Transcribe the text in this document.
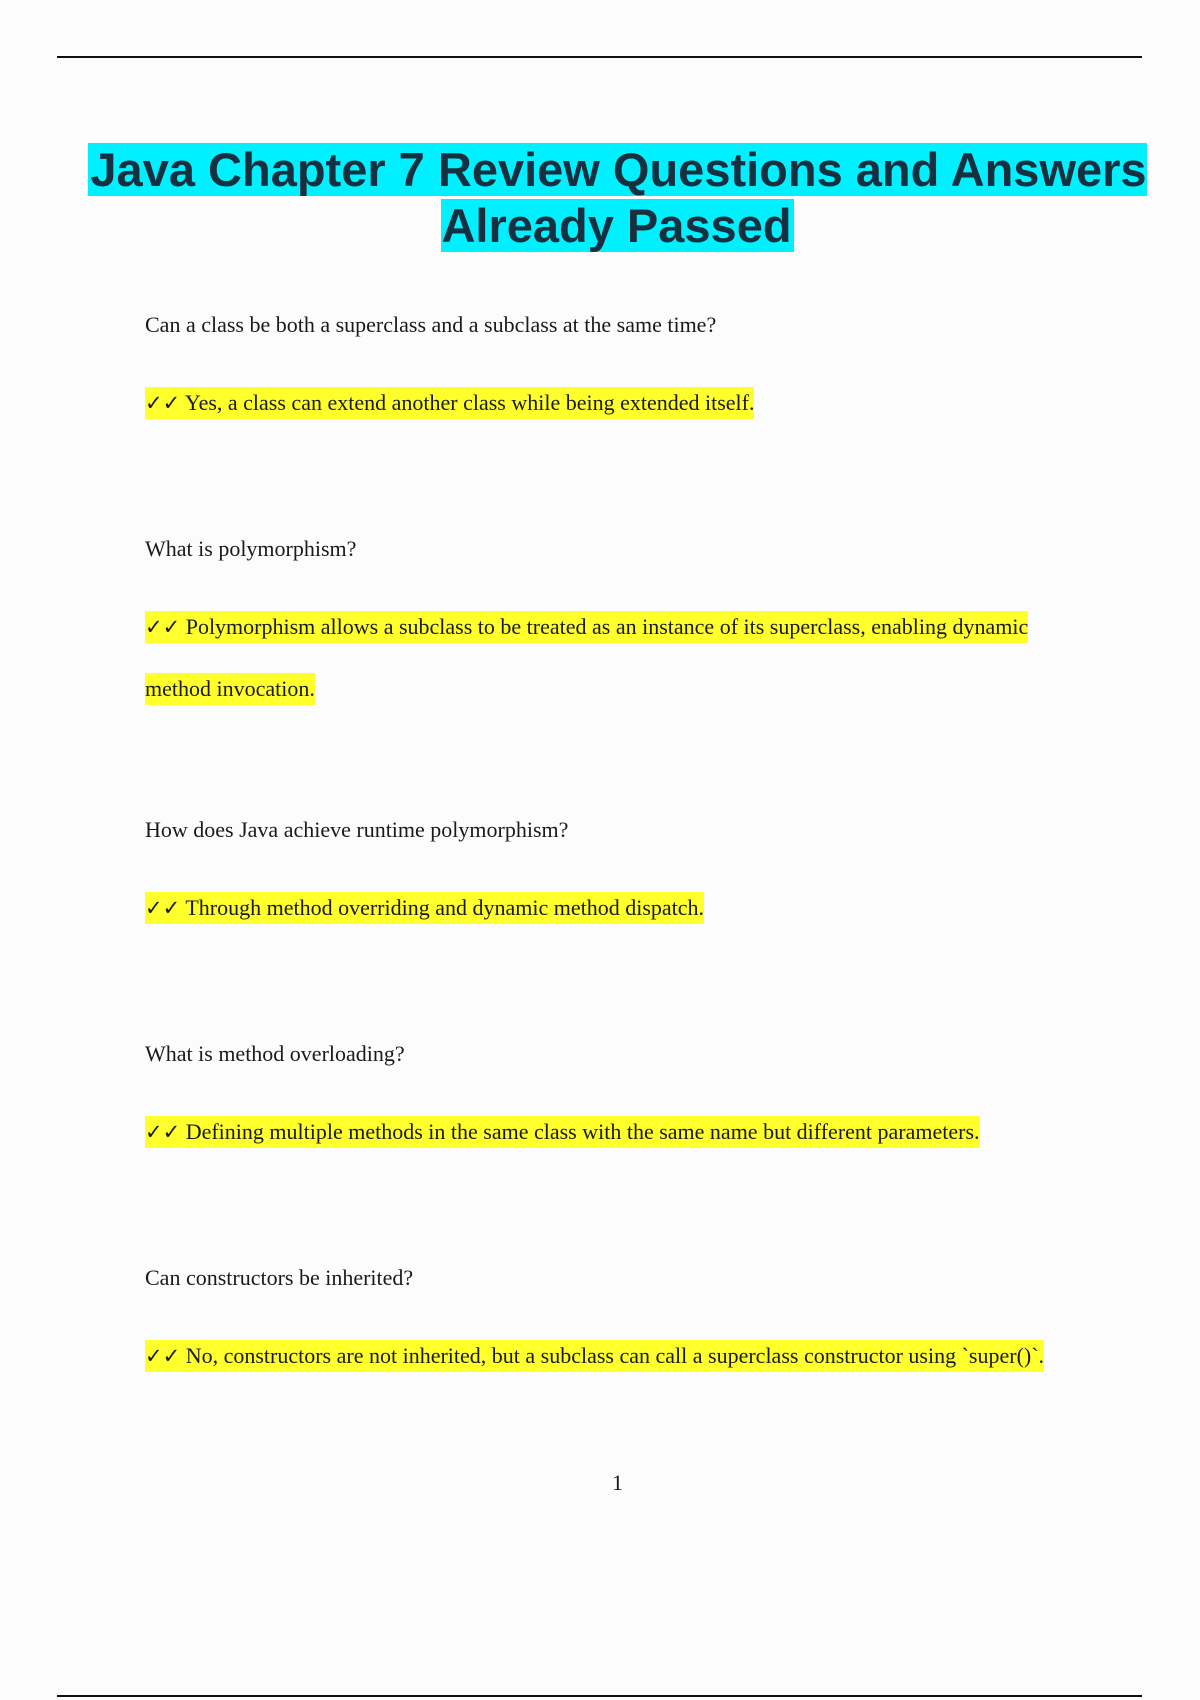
Java Chapter 7 Review Questions and Answers Already Passed
Can a class be both a superclass and a subclass at the same time?
✓✓ Yes, a class can extend another class while being extended itself.
What is polymorphism?
✓✓ Polymorphism allows a subclass to be treated as an instance of its superclass, enabling dynamic method invocation.
How does Java achieve runtime polymorphism?
✓✓ Through method overriding and dynamic method dispatch.
What is method overloading?
✓✓ Defining multiple methods in the same class with the same name but different parameters.
Can constructors be inherited?
✓✓ No, constructors are not inherited, but a subclass can call a superclass constructor using `super()`.
1
